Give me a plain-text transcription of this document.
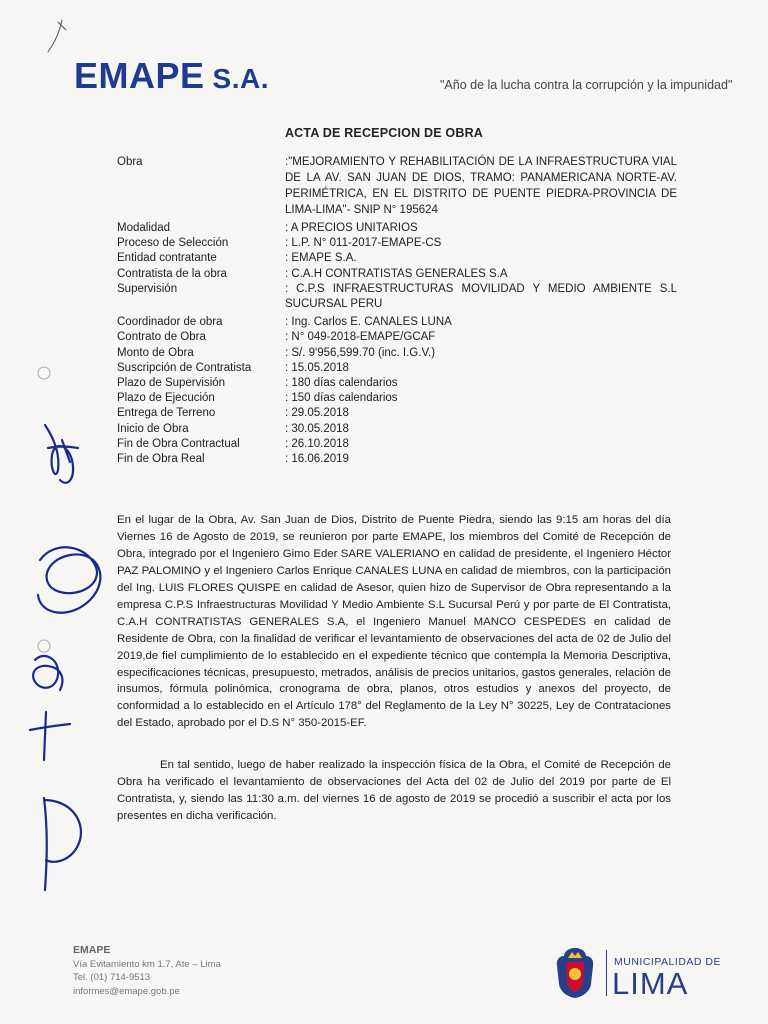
EMAPE S.A.	"Año de la lucha contra la corrupción y la impunidad"
ACTA DE RECEPCION DE OBRA
Obra	:"MEJORAMIENTO Y REHABILITACIÓN DE LA INFRAESTRUCTURA VIAL DE LA AV. SAN JUAN DE DIOS, TRAMO: PANAMERICANA NORTE-AV. PERIMÉTRICA, EN EL DISTRITO DE PUENTE PIEDRA-PROVINCIA DE LIMA-LIMA"- SNIP N° 195624
Modalidad	: A PRECIOS UNITARIOS
Proceso de Selección	: L.P. N° 011-2017-EMAPE-CS
Entidad contratante	: EMAPE S.A.
Contratista de la obra	: C.A.H CONTRATISTAS GENERALES S.A
Supervisión	: C.P.S INFRAESTRUCTURAS MOVILIDAD Y MEDIO AMBIENTE S.L SUCURSAL PERU
Coordinador de obra	: Ing. Carlos E. CANALES LUNA
Contrato de Obra	: N° 049-2018-EMAPE/GCAF
Monto de Obra	: S/. 9'956,599.70 (inc. I.G.V.)
Suscripción de Contratista	: 15.05.2018
Plazo de Supervisión	: 180 días calendarios
Plazo de Ejecución	: 150 días calendarios
Entrega de Terreno	: 29.05.2018
Inicio de Obra	: 30.05.2018
Fin de Obra Contractual	: 26.10.2018
Fin de Obra Real	: 16.06.2019

En el lugar de la Obra, Av. San Juan de Dios, Distrito de Puente Piedra, siendo las 9:15 am horas del día Viernes 16 de Agosto de 2019, se reunieron por parte EMAPE, los miembros del Comité de Recepción de Obra, integrado por el Ingeniero Gimo Eder SARE VALERIANO en calidad de presidente, el Ingeniero Héctor PAZ PALOMINO y el Ingeniero Carlos Enrique CANALES LUNA en calidad de miembros, con la participación del Ing. LUIS FLORES QUISPE en calidad de Asesor, quien hizo de Supervisor de Obra representando a la empresa C.P.S Infraestructuras Movilidad Y Medio Ambiente S.L Sucursal Perú y por parte de El Contratista, C.A.H CONTRATISTAS GENERALES S.A, el Ingeniero Manuel MANCO CESPEDES en calidad de Residente de Obra, con la finalidad de verificar el levantamiento de observaciones del acta de 02 de Julio del 2019,de fiel cumplimiento de lo establecido en el expediente técnico que contempla la Memoria Descriptiva, especificaciones técnicas, presupuesto, metrados, análisis de precios unitarios, gastos generales, relación de insumos, fórmula polinómica, cronograma de obra, planos, otros estudios y anexos del proyecto, de conformidad a lo establecido en el Artículo 178° del Reglamento de la Ley N° 30225, Ley de Contrataciones del Estado, aprobado por el D.S N° 350-2015-EF.

En tal sentido, luego de haber realizado la inspección física de la Obra, el Comité de Recepción de Obra ha verificado el levantamiento de observaciones del Acta del 02 de Julio del 2019 por parte de El Contratista, y, siendo las 11:30 a.m. del viernes 16 de agosto de 2019 se procedió a suscribir el acta por los presentes en dicha verificación.

EMAPE
Vía Evitamiento km 1.7, Ate – Lima
Tel. (01) 714-9513
informes@emape.gob.pe
MUNICIPALIDAD DE
LIMA
